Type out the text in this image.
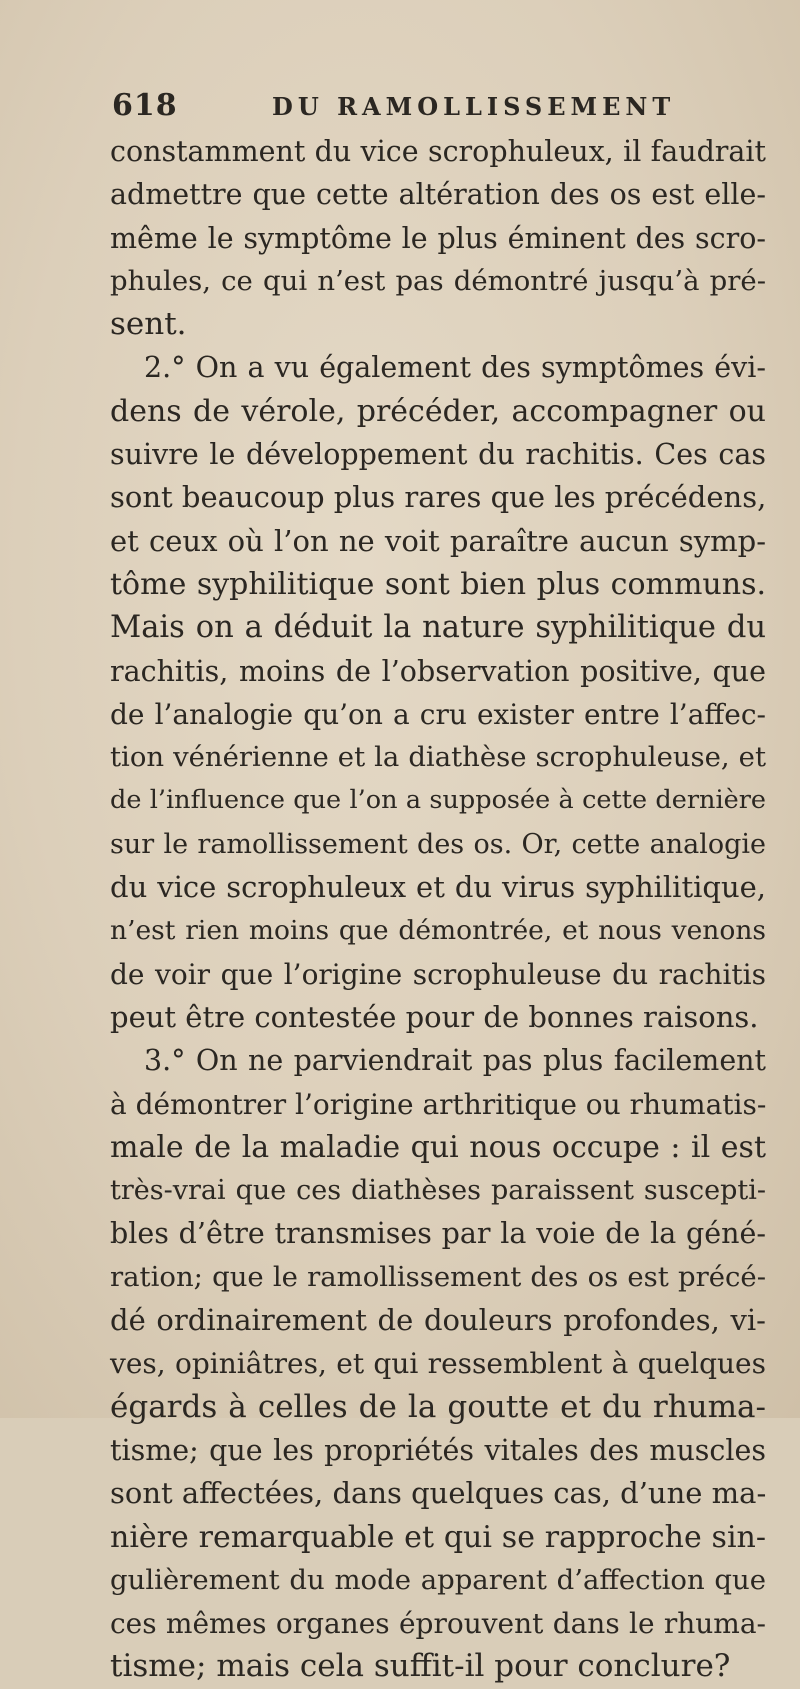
618	DU RAMOLLISSEMENT
constamment du vice scrophuleux, il faudrait
admettre que cette altération des os est elle-
même le symptôme le plus éminent des scro-
phules, ce qui n’est pas démontré jusqu’à pré-
sent.
2.° On a vu également des symptômes évi-
dens de vérole, précéder, accompagner ou
suivre le développement du rachitis. Ces cas
sont beaucoup plus rares que les précédens,
et ceux où l’on ne voit paraître aucun symp-
tôme syphilitique sont bien plus communs.
Mais on a déduit la nature syphilitique du
rachitis, moins de l’observation positive, que
de l’analogie qu’on a cru exister entre l’affec-
tion vénérienne et la diathèse scrophuleuse, et
de l’influence que l’on a supposée à cette dernière
sur le ramollissement des os. Or, cette analogie
du vice scrophuleux et du virus syphilitique,
n’est rien moins que démontrée, et nous venons
de voir que l’origine scrophuleuse du rachitis
peut être contestée pour de bonnes raisons.
3.° On ne parviendrait pas plus facilement
à démontrer l’origine arthritique ou rhumatis-
male de la maladie qui nous occupe : il est
très-vrai que ces diathèses paraissent suscepti-
bles d’être transmises par la voie de la géné-
ration; que le ramollissement des os est précé-
dé ordinairement de douleurs profondes, vi-
ves, opiniâtres, et qui ressemblent à quelques
égards à celles de la goutte et du rhuma-
tisme; que les propriétés vitales des muscles
sont affectées, dans quelques cas, d’une ma-
nière remarquable et qui se rapproche sin-
gulièrement du mode apparent d’affection que
ces mêmes organes éprouvent dans le rhuma-
tisme; mais cela suffit-il pour conclure?
